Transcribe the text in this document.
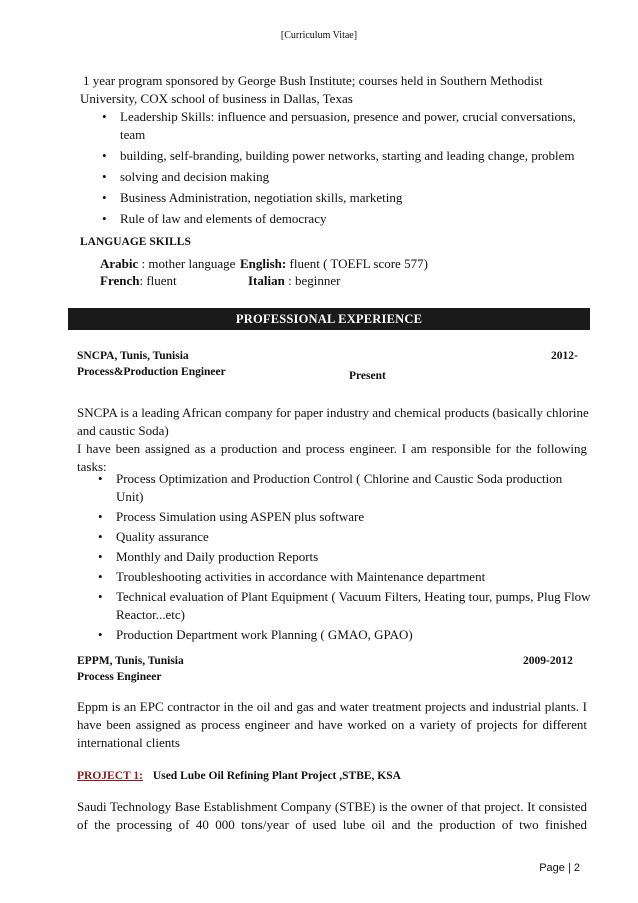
[Curriculum Vitae]
1 year program sponsored by George Bush Institute; courses held in Southern Methodist
University, COX school of business in Dallas, Texas
• Leadership Skills: influence and persuasion, presence and power, crucial conversations,
team
• building, self-branding, building power networks, starting and leading change, problem
• solving and decision making
• Business Administration, negotiation skills, marketing
• Rule of law and elements of democracy
LANGUAGE SKILLS
Arabic : mother language English: fluent ( TOEFL score 577)
French: fluent	Italian : beginner
PROFESSIONAL EXPERIENCE
SNCPA, Tunis, Tunisia	2012-
Process&Production Engineer	Present
SNCPA is a leading African company for paper industry and chemical products (basically chlorine
and caustic Soda)
I have been assigned as a production and process engineer. I am responsible for the following
tasks:
• Process Optimization and Production Control ( Chlorine and Caustic Soda production
Unit)
• Process Simulation using ASPEN plus software
• Quality assurance
• Monthly and Daily production Reports
• Troubleshooting activities in accordance with Maintenance department
• Technical evaluation of Plant Equipment ( Vacuum Filters, Heating tour, pumps, Plug Flow
Reactor...etc)
• Production Department work Planning ( GMAO, GPAO)
EPPM, Tunis, Tunisia	2009-2012
Process Engineer
Eppm is an EPC contractor in the oil and gas and water treatment projects and industrial plants. I
have been assigned as process engineer and have worked on a variety of projects for different
international clients
PROJECT 1: Used Lube Oil Refining Plant Project ,STBE, KSA
Saudi Technology Base Establishment Company (STBE) is the owner of that project. It consisted
of the processing of 40 000 tons/year of used lube oil and the production of two finished
Page | 2
